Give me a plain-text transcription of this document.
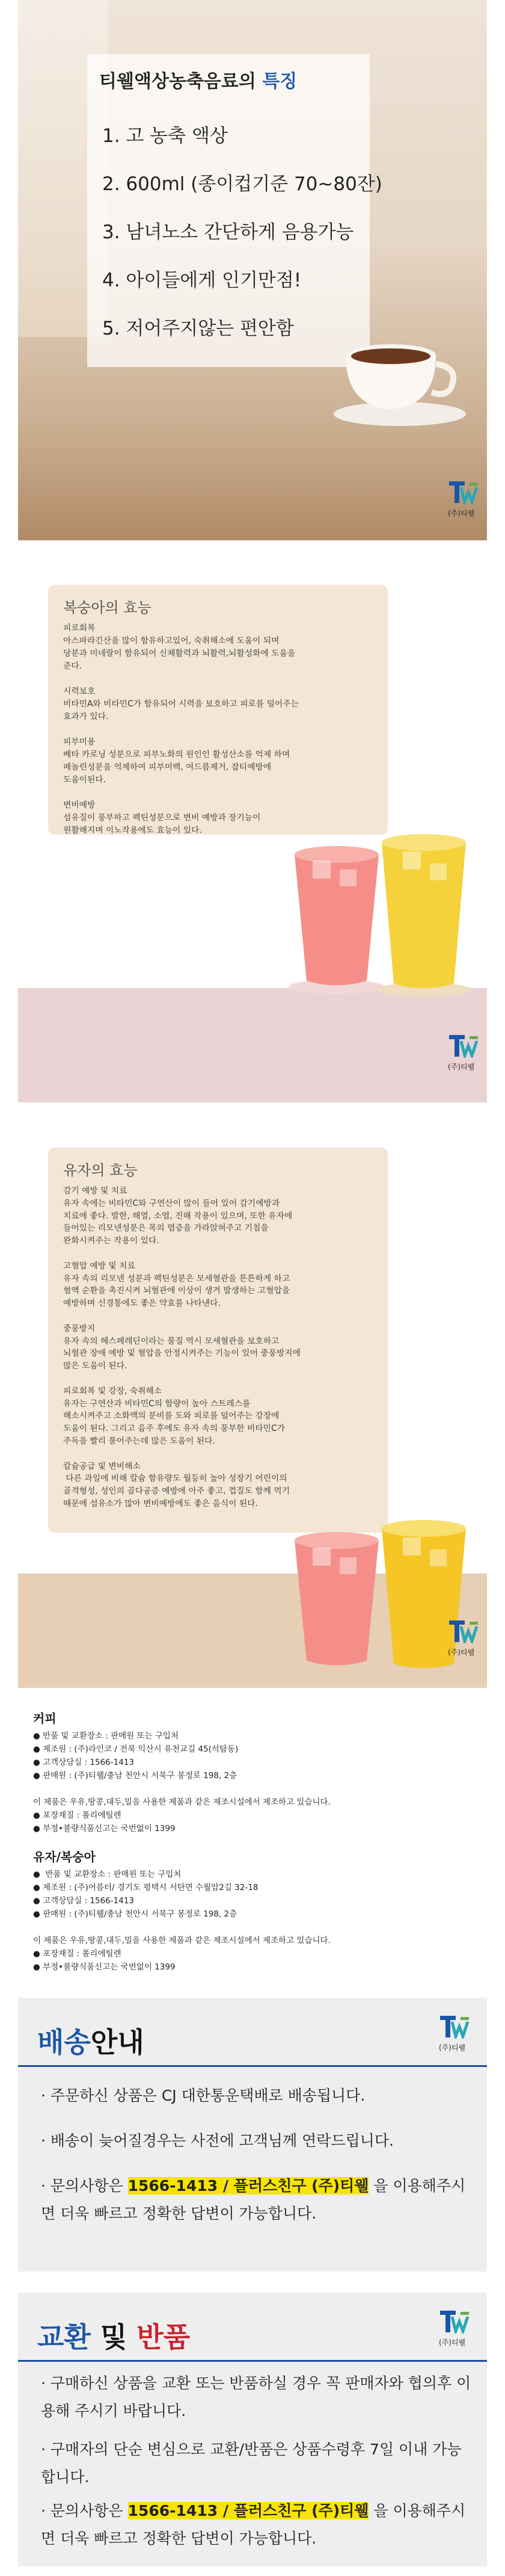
티웰액상농축음료의 특징
1. 고 농축 액상
2. 600ml (종이컵기준 70~80잔)
3. 남녀노소 간단하게 음용가능
4. 아이들에게 인기만점!
5. 저어주지않는 편안함
(주)티웰
복숭아의 효능
피로회복
아스파라긴산을 많이 함유하고있어, 숙취해소에 도움이 되며
당분과 미네랄이 함유되어 신체활력과 뇌활력,뇌활성화에 도움을
준다.

시력보호
비타민A와 비타민C가 함유되어 시력을 보호하고 피로를 덜어주는
효과가 있다.

피부미용
베타 카로닝 성분으로 피부노화의 원인인 활성산소를 억제 하며
페놀린성분을 억제하여 피부미백, 여드름제거, 잡티예방에
도움이된다.

변비예방
섬유질이 풍부하고 펙틴성분으로 변비 예방과 장기능이
원활해지며 이노작용에도 효능이 있다.
(주)티웰
유자의 효능
감기 예방 및 치료
유자 속에는 비타민C와 구연산이 많이 들어 있어 감기예방과
치료에 좋다. 발한, 해열, 소염, 진해 작용이 있으며, 또한 유자에
들어있는 리모넨성분은 목의 염증을 가라앉혀주고 기침을
완화시켜주는 작용이 있다.

고혈압 예방 및 치료
유자 속의 리모넨 성분과 펙틴성분은 모세혈관을 튼튼하게 하고
혈액 순환을 촉진시켜 뇌혈관에 이상이 생겨 발생하는 고혈압을
예방하며 신경통에도 좋은 약효를 나타낸다.

중풍방지
유자 속의 헤스페레딘이라는 물질 역시 모세혈관을 보호하고
뇌혈관 장애 예방 및 혈압을 안정시켜주는 기능이 있어 중풍방지에
많은 도움이 된다.

피로회복 및 강장, 숙취해소
유자는 구연산과 비타민C의 함량이 높아 스트레스를
해소시켜주고 소화액의 분비를 도와 피로를 덜어주는 강장에
도움이 된다. 그리고 음주 후에도 유자 속의 풍부한 비타민C가
주독을 빨리 풀어주는데 많은 도움이 된다.

칼슘공급 및 변비해소
다른 과일에 비해 칼슘 함유량도 월등히 높아 성장기 어린이의
골격형성, 성인의 골다공증 예방에 아주 좋고, 껍질도 함께 먹기
때문에 섬유소가 많아 변비예방에도 좋은 음식이 된다.
(주)티웰
커피
● 반품 및 교환장소 : 판매원 또는 구입처
● 제조원 : (주)라인코 / 전북 익산시 유천교길 45(석탐동)
● 고객상담실 : 1566-1413
● 판매원 : (주)티웰/충남 천안시 서북구 봉정로 198, 2층
이 제품은 우유,땅콩,대두,밀을 사용한 제품과 같은 제조시설에서 제조하고 있습니다.
● 포장재질 : 폴리에틸렌
● 부정•불량식품신고는 국번없이 1399
유자/복숭아
●  반품 및 교환장소 : 판매원 또는 구입처
● 제조원 : (주)어름터/ 경기도 평택시 서탄면 수월암2길 32-18
● 고객상담실 : 1566-1413
● 판매원 : (주)티웰/충남 천안시 서북구 봉정로 198, 2층
이 제품은 우유,땅콩,대두,밀을 사용한 제품과 같은 제조시설에서 제조하고 있습니다.
● 포장재질 : 폴리에틸렌
● 부정•불량식품신고는 국번없이 1399
배송안내	(주)티웰
· 주문하신 상품은 CJ 대한통운택배로 배송됩니다.
· 배송이 늦어질경우는 사전에 고객님께 연락드립니다.
· 문의사항은 1566-1413 / 플러스친구 (주)티웰 을 이용해주시면 더욱 빠르고 정확한 답변이 가능합니다.
교환 및 반품	(주)티웰
· 구매하신 상품을 교환 또는 반품하실 경우 꼭 판매자와 협의후 이용해 주시기 바랍니다.
· 구매자의 단순 변심으로 교환/반품은 상품수령후 7일 이내 가능합니다.
· 문의사항은 1566-1413 / 플러스친구 (주)티웰 을 이용해주시면 더욱 빠르고 정확한 답변이 가능합니다.
